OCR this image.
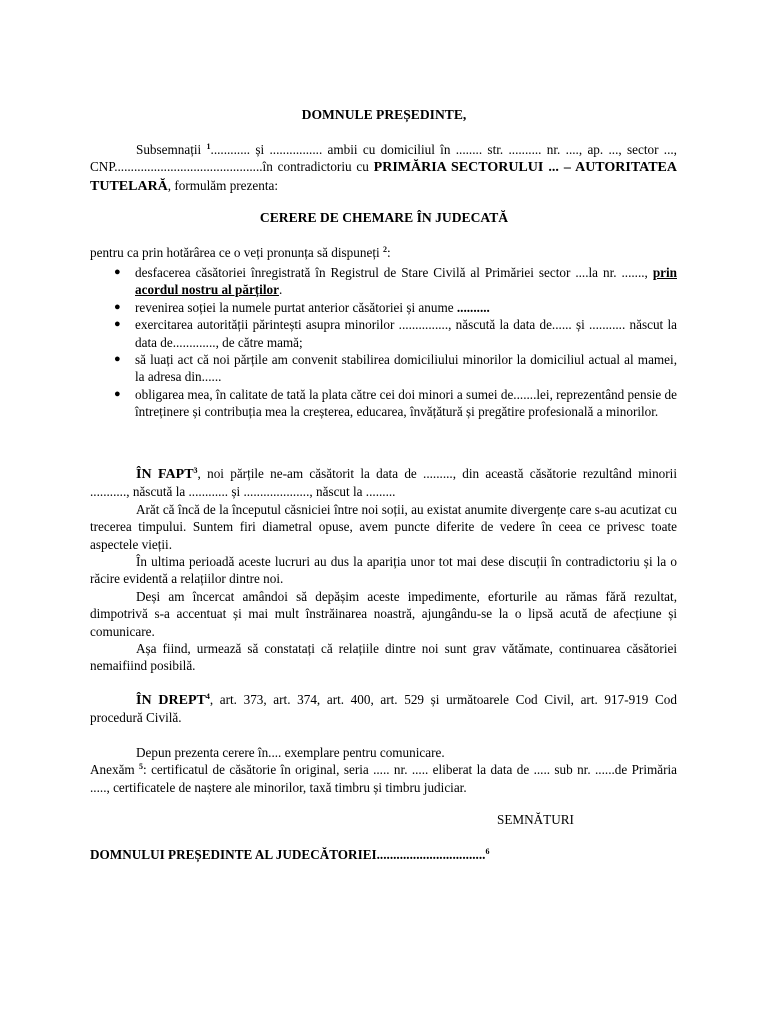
DOMNULE PREȘEDINTE,

Subsemnații $^1$............ și ................ ambii cu domiciliul în ........ str. .......... nr. ...., ap. ..., sector ..., CNP.............................................în contradictoriu cu PRIMĂRIA SECTORULUI ... – AUTORITATEA TUTELARĂ, formulăm prezenta:

CERERE DE CHEMARE ÎN JUDECATĂ

pentru ca prin hotărârea ce o veți pronunța să dispuneți $^2$:

● desfacerea căsătoriei înregistrată în Registrul de Stare Civilă al Primăriei sector ....la nr. ......., prin acordul nostru al părților.
● revenirea soției la numele purtat anterior căsătoriei și anume ..........
● exercitarea autorității părintești asupra minorilor ..............., născută la data de...... și ........... născut la data de............., de către mamă;
● să luați act că noi părțile am convenit stabilirea domiciliului minorilor la domiciliul actual al mamei, la adresa din......
● obligarea mea, în calitate de tată la plata către cei doi minori a sumei de.......lei, reprezentând pensie de întreținere și contribuția mea la creșterea, educarea, învățătură și pregătire profesională a minorilor.

ÎN FAPT$^3$, noi părțile ne-am căsătorit la data de ........., din această căsătorie rezultând minorii ..........., născută la ............ și ...................., născut la .........

Arăt că încă de la începutul căsniciei între noi soții, au existat anumite divergențe care s-au acutizat cu trecerea timpului. Suntem firi diametral opuse, avem puncte diferite de vedere în ceea ce privesc toate aspectele vieții.

În ultima perioadă aceste lucruri au dus la apariția unor tot mai dese discuții în contradictoriu și la o răcire evidentă a relațiilor dintre noi.

Deși am încercat amândoi să depășim aceste impedimente, eforturile au rămas fără rezultat, dimpotrivă s-a accentuat și mai mult înstrăinarea noastră, ajungându-se la o lipsă acută de afecțiune și comunicare.

Așa fiind, urmează să constatați că relațiile dintre noi sunt grav vătămate, continuarea căsătoriei nemaifiind posibilă.

ÎN DREPT$^4$, art. 373, art. 374, art. 400, art. 529 și următoarele Cod Civil, art. 917-919 Cod procedură Civilă.

Depun prezenta cerere în.... exemplare pentru comunicare.

Anexăm $^5$: certificatul de căsătorie în original, seria ..... nr. ..... eliberat la data de ..... sub nr. ......de Primăria ....., certificatele de naștere ale minorilor, taxă timbru și timbru judiciar.

SEMNĂTURI
DOMNULUI PREȘEDINTE AL JUDECĂTORIEI.................................$^6$
